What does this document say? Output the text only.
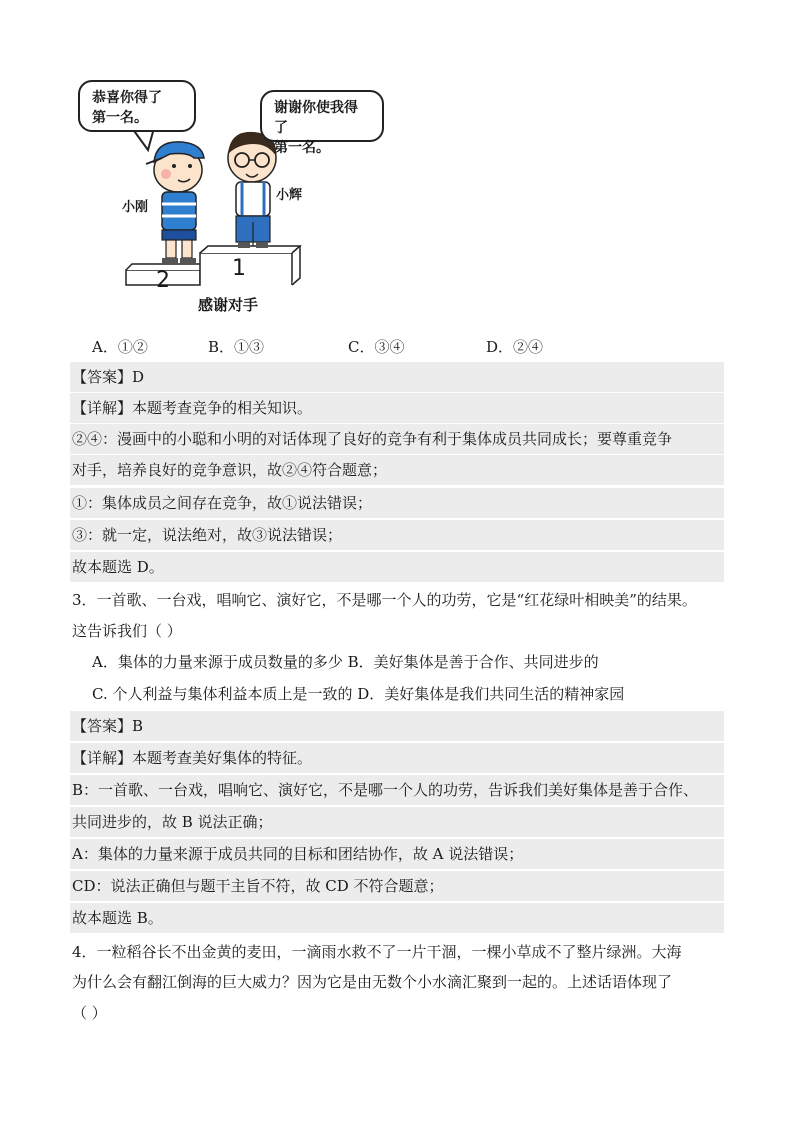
恭喜你得了
第一名。
谢谢你使我得了
第一名。
小刚
小辉
2	1
感谢对手
A．①②	B．①③	C．③④	D．②④
【答案】D
【详解】本题考查竞争的相关知识。
②④：漫画中的小聪和小明的对话体现了良好的竞争有利于集体成员共同成长；要尊重竞争
对手，培养良好的竞争意识，故②④符合题意；
①：集体成员之间存在竞争，故①说法错误；
③：就一定，说法绝对，故③说法错误；
故本题选 D。
3．一首歌、一台戏，唱响它、演好它，不是哪一个人的功劳，它是“红花绿叶相映美”的结果。
这告诉我们（ ）
A．集体的力量来源于成员数量的多少 B．美好集体是善于合作、共同进步的
C. 个人利益与集体利益本质上是一致的 D．美好集体是我们共同生活的精神家园
【答案】B
【详解】本题考查美好集体的特征。
B：一首歌、一台戏，唱响它、演好它，不是哪一个人的功劳，告诉我们美好集体是善于合作、
共同进步的，故 B 说法正确；
A：集体的力量来源于成员共同的目标和团结协作，故 A 说法错误；
CD：说法正确但与题干主旨不符，故 CD 不符合题意；
故本题选 B。
4．一粒稻谷长不出金黄的麦田，一滴雨水救不了一片干涸，一棵小草成不了整片绿洲。大海
为什么会有翻江倒海的巨大威力？因为它是由无数个小水滴汇聚到一起的。上述话语体现了
（ ）
